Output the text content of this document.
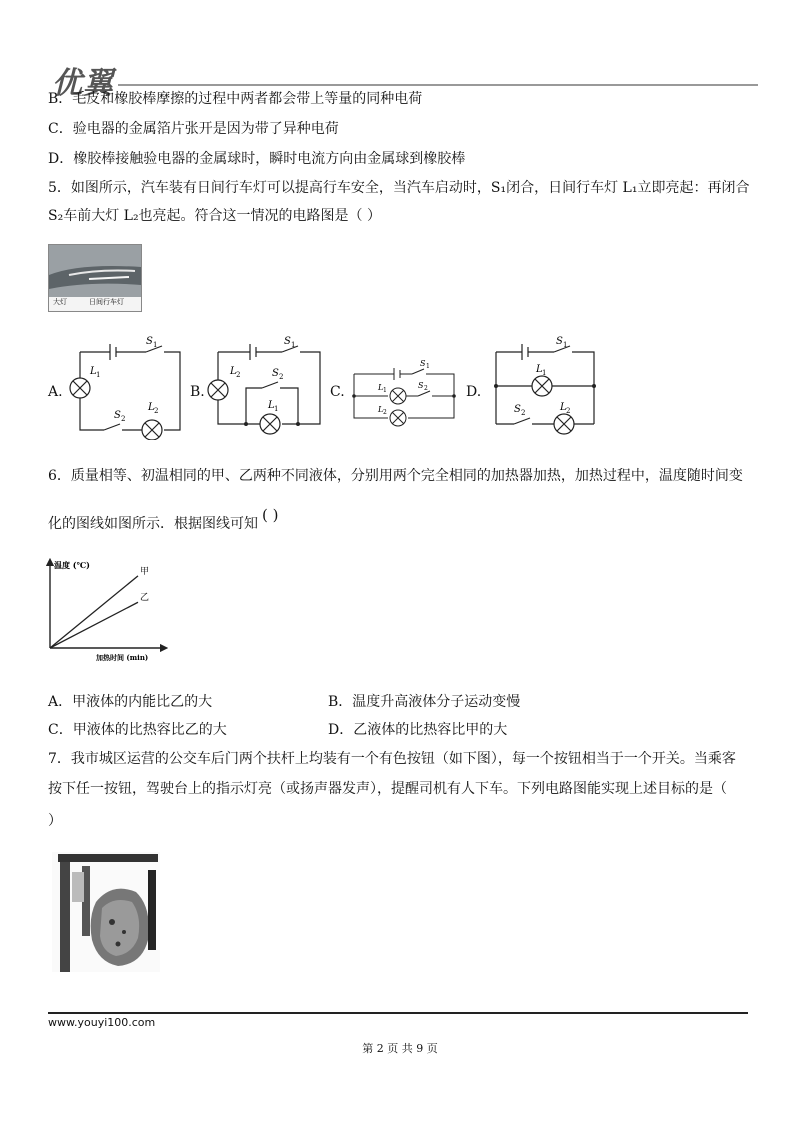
优翼
B．毛皮和橡胶棒摩擦的过程中两者都会带上等量的同种电荷
C．验电器的金属箔片张开是因为带了异种电荷
D．橡胶棒接触验电器的金属球时，瞬时电流方向由金属球到橡胶棒
5．如图所示，汽车装有日间行车灯可以提高行车安全，当汽车启动时，S₁闭合，日间行车灯 L₁立即亮起：再闭合
S₂车前大灯 L₂也亮起。符合这一情况的电路图是（ ）
大灯	日间行车灯
A.
S 1
L 1
S 2
L 2
B.
S 1
L 2	S 2
L 1
C.
S 1
S 2
L 1
L 2
D.
S 1
L 1
S 2	L 2
6．质量相等、初温相同的甲、乙两种不同液体，分别用两个完全相同的加热器加热，加热过程中，温度随时间变
化的图线如图所示．根据图线可知 ( )
温度 (℃)
加热时间 (min)
甲
乙
A．甲液体的内能比乙的大	B．温度升高液体分子运动变慢
C．甲液体的比热容比乙的大	D．乙液体的比热容比甲的大
7．我市城区运营的公交车后门两个扶杆上均装有一个有色按钮（如下图），每一个按钮相当于一个开关。当乘客
按下任一按钮，驾驶台上的指示灯亮（或扬声器发声），提醒司机有人下车。下列电路图能实现上述目标的是（
）
www.youyi100.com
第 2 页 共 9 页
